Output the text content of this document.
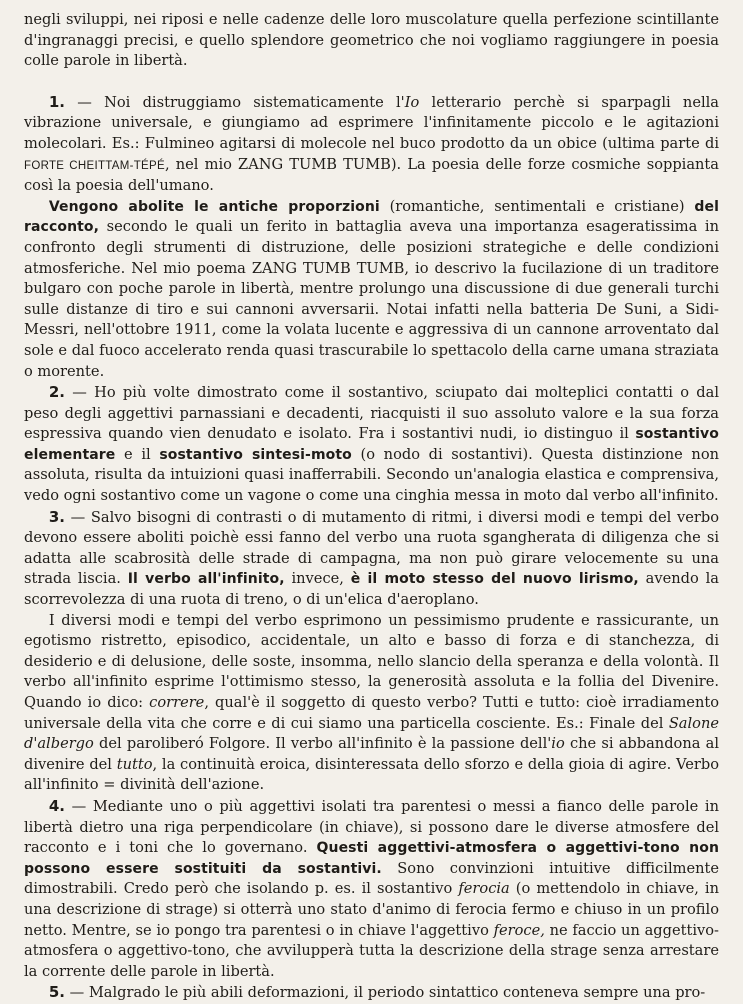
negli sviluppi, nei riposi e nelle cadenze delle loro muscolature quella perfezione scintillante d'ingranaggi precisi, e quello splendore geometrico che noi vogliamo raggiungere in poesia colle parole in libertà.

1. — Noi distruggiamo sistematicamente l'Io letterario perchè si sparpagli nella vibrazione universale, e giungiamo ad esprimere l'infinitamente piccolo e le agitazioni molecolari. Es.: Fulmineo agitarsi di molecole nel buco prodotto da un obice (ultima parte di FORTE CHEITTAM-TÉPÉ, nel mio ZANG TUMB TUMB). La poesia delle forze cosmiche soppianta così la poesia dell'umano.

Vengono abolite le antiche proporzioni (romantiche, sentimentali e cristiane) del racconto, secondo le quali un ferito in battaglia aveva una importanza esageratissima in confronto degli strumenti di distruzione, delle posizioni strategiche e delle condizioni atmosferiche. Nel mio poema ZANG TUMB TUMB, io descrivo la fucilazione di un traditore bulgaro con poche parole in libertà, mentre prolungo una discussione di due generali turchi sulle distanze di tiro e sui cannoni avversarii. Notai infatti nella batteria De Suni, a Sidi-Messri, nell'ottobre 1911, come la volata lucente e aggressiva di un cannone arroventato dal sole e dal fuoco accelerato renda quasi trascurabile lo spettacolo della carne umana straziata o morente.

2. — Ho più volte dimostrato come il sostantivo, sciupato dai molteplici contatti o dal peso degli aggettivi parnassiani e decadenti, riacquisti il suo assoluto valore e la sua forza espressiva quando vien denudato e isolato. Fra i sostantivi nudi, io distinguo il sostantivo elementare e il sostantivo sintesi-moto (o nodo di sostantivi). Questa distinzione non assoluta, risulta da intuizioni quasi inafferrabili. Secondo un'analogia elastica e comprensiva, vedo ogni sostantivo come un vagone o come una cinghia messa in moto dal verbo all'infinito.

3. — Salvo bisogni di contrasti o di mutamento di ritmi, i diversi modi e tempi del verbo devono essere aboliti poichè essi fanno del verbo una ruota sgangherata di diligenza che si adatta alle scabrosità delle strade di campagna, ma non può girare velocemente su una strada liscia. Il verbo all'infinito, invece, è il moto stesso del nuovo lirismo, avendo la scorrevolezza di una ruota di treno, o di un'elica d'aeroplano.

I diversi modi e tempi del verbo esprimono un pessimismo prudente e rassicurante, un egotismo ristretto, episodico, accidentale, un alto e basso di forza e di stanchezza, di desiderio e di delusione, delle soste, insomma, nello slancio della speranza e della volontà. Il verbo all'infinito esprime l'ottimismo stesso, la generosità assoluta e la follia del Divenire. Quando io dico: correre, qual'è il soggetto di questo verbo? Tutti e tutto: cioè irradiamento universale della vita che corre e di cui siamo una particella cosciente. Es.: Finale del Salone d'albergo del paroliberó Folgore. Il verbo all'infinito è la passione dell'io che si abbandona al divenire del tutto, la continuità eroica, disinteressata dello sforzo e della gioia di agire. Verbo all'infinito = divinità dell'azione.

4. — Mediante uno o più aggettivi isolati tra parentesi o messi a fianco delle parole in libertà dietro una riga perpendicolare (in chiave), si possono dare le diverse atmosfere del racconto e i toni che lo governano. Questi aggettivi-atmosfera o aggettivi-tono non possono essere sostituiti da sostantivi. Sono convinzioni intuitive difficilmente dimostrabili. Credo però che isolando p. es. il sostantivo ferocia (o mettendolo in chiave, in una descrizione di strage) si otterrà uno stato d'animo di ferocia fermo e chiuso in un profilo netto. Mentre, se io pongo tra parentesi o in chiave l'aggettivo feroce, ne faccio un aggettivo-atmosfera o aggettivo-tono, che avvilupperà tutta la descrizione della strage senza arrestare la corrente delle parole in libertà.

5. — Malgrado le più abili deformazioni, il periodo sintattico conteneva sempre una pro-
